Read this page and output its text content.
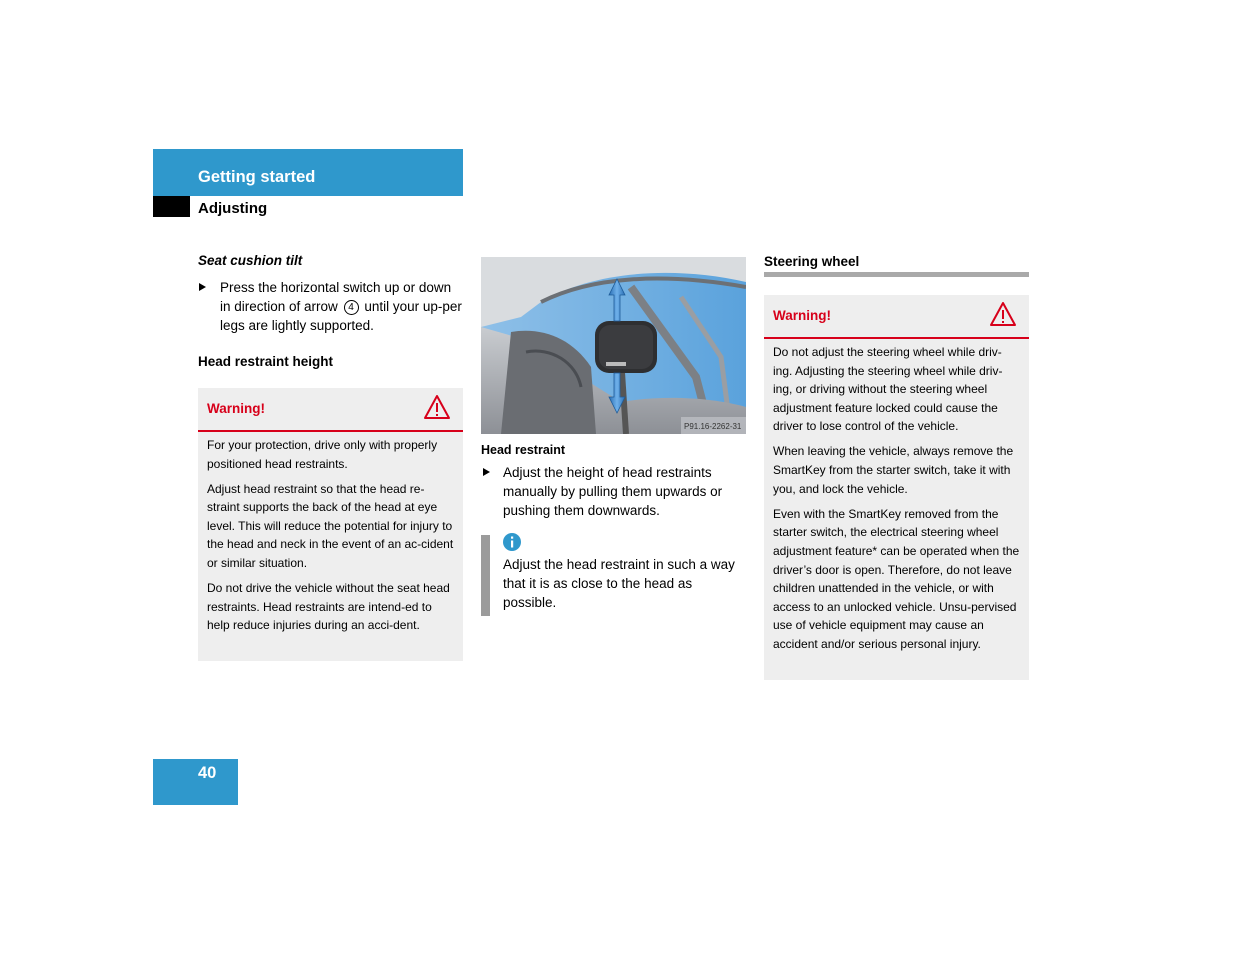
Getting started
Adjusting
Seat cushion tilt
Press the horizontal switch up or down in direction of arrow 4 until your up-per legs are lightly supported.
Head restraint height
Warning!

For your protection, drive only with properly positioned head restraints.

Adjust head restraint so that the head re-straint supports the back of the head at eye level. This will reduce the potential for injury to the head and neck in the event of an ac-cident or similar situation.

Do not drive the vehicle without the seat head restraints. Head restraints are intend-ed to help reduce injuries during an acci-dent.

P91.16-2262-31
Head restraint
Adjust the height of head restraints manually by pulling them upwards or pushing them downwards.
Adjust the head restraint in such a way that it is as close to the head as possible.
Steering wheel
Warning!

Do not adjust the steering wheel while driv-ing. Adjusting the steering wheel while driv-ing, or driving without the steering wheel adjustment feature locked could cause the driver to lose control of the vehicle.

When leaving the vehicle, always remove the SmartKey from the starter switch, take it with you, and lock the vehicle.

Even with the SmartKey removed from the starter switch, the electrical steering wheel adjustment feature* can be operated when the driver’s door is open. Therefore, do not leave children unattended in the vehicle, or with access to an unlocked vehicle. Unsu-pervised use of vehicle equipment may cause an accident and/or serious personal injury.

40
